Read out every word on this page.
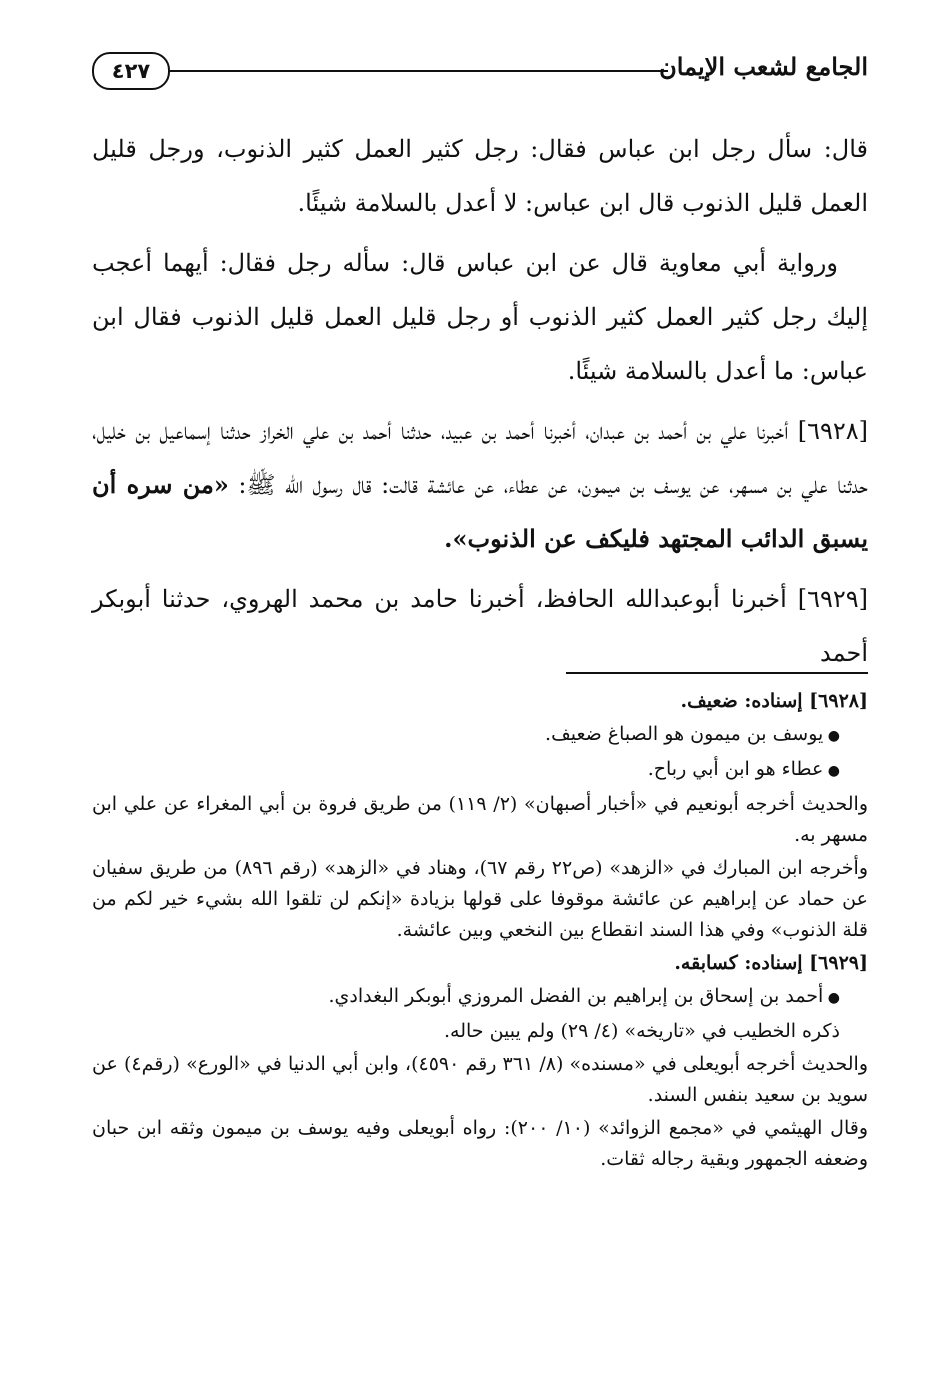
٤٢٧	الجامع لشعب الإيمان

قال: سأل رجل ابن عباس فقال: رجل كثير العمل كثير الذنوب، ورجل قليل العمل قليل الذنوب قال ابن عباس: لا أعدل بالسلامة شيئًا.

ورواية أبي معاوية قال عن ابن عباس قال: سأله رجل فقال: أيهما أعجب إليك رجل كثير العمل كثير الذنوب أو رجل قليل العمل قليل الذنوب فقال ابن عباس: ما أعدل بالسلامة شيئًا.

[٦٩٢٨] أخبرنا علي بن أحمد بن عبدان، أخبرنا أحمد بن عبيد، حدثنا أحمد بن علي الخراز حدثنا إسماعيل بن خليل، حدثنا علي بن مسهر، عن يوسف بن ميمون، عن عطاء، عن عائشة قالت: قال رسول الله ﷺ: «من سره أن يسبق الدائب المجتهد فليكف عن الذنوب».

[٦٩٢٩] أخبرنا أبوعبدالله الحافظ، أخبرنا حامد بن محمد الهروي، حدثنا أبوبكر أحمد

[٦٩٢٨] إسناده: ضعيف.

● يوسف بن ميمون هو الصباغ ضعيف.

● عطاء هو ابن أبي رباح.

والحديث أخرجه أبونعيم في «أخبار أصبهان» (٢/ ١١٩) من طريق فروة بن أبي المغراء عن علي ابن مسهر به.

وأخرجه ابن المبارك في «الزهد» (ص٢٢ رقم ٦٧)، وهناد في «الزهد» (رقم ٨٩٦) من طريق سفيان عن حماد عن إبراهيم عن عائشة موقوفا على قولها بزيادة «إنكم لن تلقوا الله بشيء خير لكم من قلة الذنوب» وفي هذا السند انقطاع بين النخعي وبين عائشة.

[٦٩٢٩] إسناده: كسابقه.

● أحمد بن إسحاق بن إبراهيم بن الفضل المروزي أبوبكر البغدادي.

ذكره الخطيب في «تاريخه» (٤/ ٢٩) ولم يبين حاله.

والحديث أخرجه أبويعلى في «مسنده» (٨/ ٣٦١ رقم ٤٥٩٠)، وابن أبي الدنيا في «الورع» (رقم٤) عن سويد بن سعيد بنفس السند.

وقال الهيثمي في «مجمع الزوائد» (١٠/ ٢٠٠): رواه أبويعلى وفيه يوسف بن ميمون وثقه ابن حبان وضعفه الجمهور وبقية رجاله ثقات.
